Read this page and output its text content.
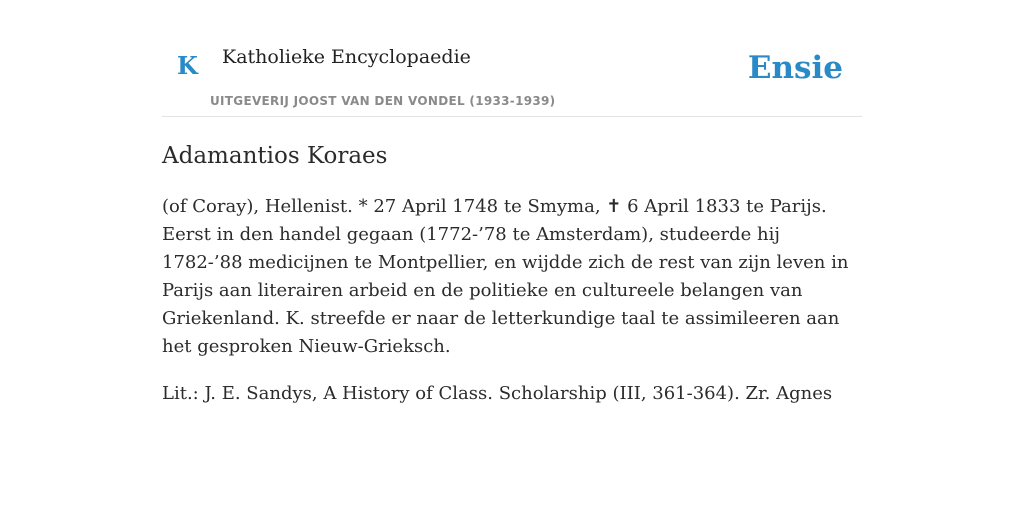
K Katholieke Encyclopaedie
UITGEVERIJ JOOST VAN DEN VONDEL (1933-1939)
Ensie
Adamantios Koraes

(of Coray), Hellenist. * 27 April 1748 te Smyma, ✝ 6 April 1833 te Parijs. Eerst in den handel gegaan (1772-’78 te Amsterdam), studeerde hij 1782-’88 medicijnen te Montpellier, en wijdde zich de rest van zijn leven in Parijs aan literairen arbeid en de politieke en cultureele belangen van Griekenland. K. streefde er naar de letterkundige taal te assimileeren aan het gesproken Nieuw-Grieksch.

Lit.: J. E. Sandys, A History of Class. Scholarship (III, 361-364). Zr. Agnes
